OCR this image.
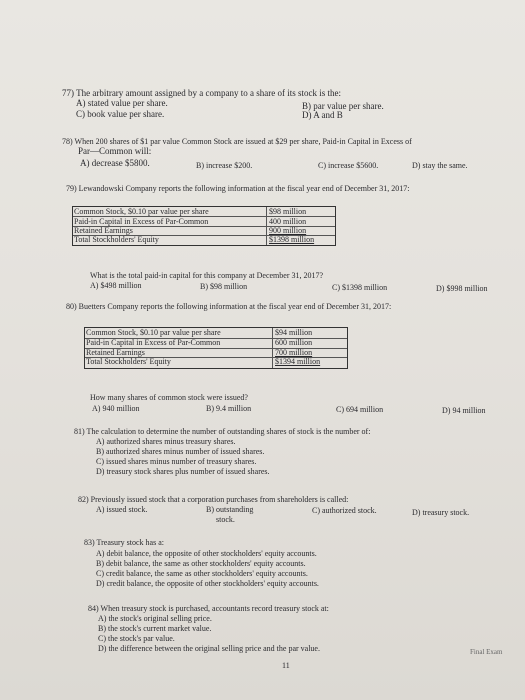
77) The arbitrary amount assigned by a company to a share of its stock is the:
A) stated value per share.	B) par value per share.
C) book value per share.	D) A and B
78) When 200 shares of $1 par value Common Stock are issued at $29 per share, Paid-in Capital in Excess of
Par—Common will:
A) decrease $5800.	B) increase $200.	C) increase $5600.	D) stay the same.
79) Lewandowski Company reports the following information at the fiscal year end of December 31, 2017:
Common Stock, $0.10 par value per share	$98 million
Paid-in Capital in Excess of Par-Common	400 million
Retained Earnings	900 million
Total Stockholders' Equity	$1398 million
What is the total paid-in capital for this company at December 31, 2017?
A) $498 million	B) $98 million	C) $1398 million	D) $998 million
80) Buetters Company reports the following information at the fiscal year end of December 31, 2017:
Common Stock, $0.10 par value per share	$94 million
Paid-in Capital in Excess of Par-Common	600 million
Retained Earnings	700 million
Total Stockholders' Equity	$1394 million
How many shares of common stock were issued?
A) 940 million	B) 9.4 million	C) 694 million	D) 94 million
81) The calculation to determine the number of outstanding shares of stock is the number of:
A) authorized shares minus treasury shares.
B) authorized shares minus number of issued shares.
C) issued shares minus number of treasury shares.
D) treasury stock shares plus number of issued shares.
82) Previously issued stock that a corporation purchases from shareholders is called:
A) issued stock.	B) outstanding
stock.
C) authorized stock.	D) treasury stock.
83) Treasury stock has a:
A) debit balance, the opposite of other stockholders' equity accounts.
B) debit balance, the same as other stockholders' equity accounts.
C) credit balance, the same as other stockholders' equity accounts.
D) credit balance, the opposite of other stockholders' equity accounts.
84) When treasury stock is purchased, accountants record treasury stock at:
A) the stock's original selling price.
B) the stock's current market value.
C) the stock's par value.
D) the difference between the original selling price and the par value.
11
Final Exam
